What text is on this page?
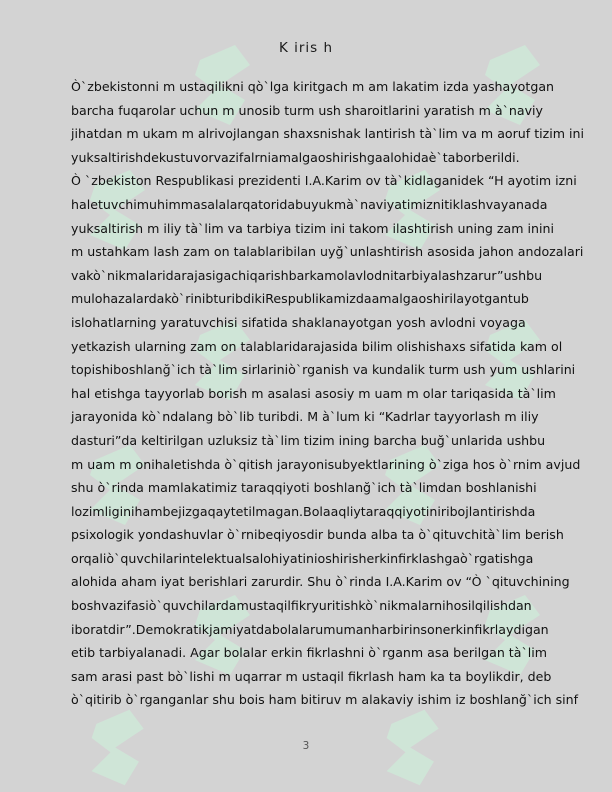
K iris h
Ò`zbekistonni m ustaqilikni qò`lga kiritgach m am lakatim izda yashayotgan
barcha fuqarolar uchun m unosib turm ush sharoitlarini yaratish m à`naviy
jihatdan m ukam m alrivojlangan shaxsnishak lantirish tà`lim va m aoruf tizim ini
yuksaltirishdekustuvorvazifalrniamalgaoshirishgaalohidaè`taborberildi.
Ò `zbekiston Respublikasi prezidenti I.A.Karim ov tà`kidlaganidek “H ayotim izni
haletuvchimuhimmasalalarqatoridabuyukmà`naviyatimiznitiklashvayanada
yuksaltirish m iliy tà`lim va tarbiya tizim ini takom ilashtirish uning zam inini
m ustahkam lash zam on talablaribilan uyğ`unlashtirish asosida jahon andozalari
vakò`nikmalaridarajasigachiqarishbarkamolavlodnitarbiyalashzarur”ushbu
mulohazalardakò`rinibturibdikiRespublikamizdaamalgaoshirilayotgantub
islohatlarning yaratuvchisi sifatida shaklanayotgan yosh avlodni voyaga
yetkazish ularning zam on talablaridarajasida bilim olishishaxs sifatida kam ol
topishiboshlanğ`ich tà`lim sirlariniò`rganish va kundalik turm ush yum ushlarini
hal etishga tayyorlab borish m asalasi asosiy m uam m olar tariqasida tà`lim
jarayonida kò`ndalang bò`lib turibdi. M à`lum ki “Kadrlar tayyorlash m iliy
dasturi”da keltirilgan uzluksiz tà`lim tizim ining barcha buğ`unlarida ushbu
m uam m onihaletishda ò`qitish jarayonisubyektlarining ò`ziga hos ò`rnim avjud
shu ò`rinda mamlakatimiz taraqqiyoti boshlanğ`ich tà`limdan boshlanishi
lozimliginihambejizgaqaytetilmagan.Bolaaqliytaraqqiyotiniribojlantirishda
psixologik yondashuvlar ò`rnibeqiyosdir bunda alba ta ò`qituvchità`lim berish
orqaliò`quvchilarintelektualsalohiyatinioshirisherkinfirklashgaò`rgatishga
alohida aham iyat berishlari zarurdir. Shu ò`rinda I.A.Karim ov “Ò `qituvchining
boshvazifasiò`quvchilardamustaqilfikryuritishkò`nikmalarnihosilqilishdan
iboratdir”.Demokratikjamiyatdabolalarumumanharbirinsonerkinfikrlaydigan
etib tarbiyalanadi. Agar bolalar erkin fikrlashni ò`rganm asa berilgan tà`lim
sam arasi past bò`lishi m uqarrar m ustaqil fikrlash ham ka ta boylikdir, deb
ò`qitirib ò`rganganlar shu bois ham bitiruv m alakaviy ishim iz boshlanğ`ich sinf
3
